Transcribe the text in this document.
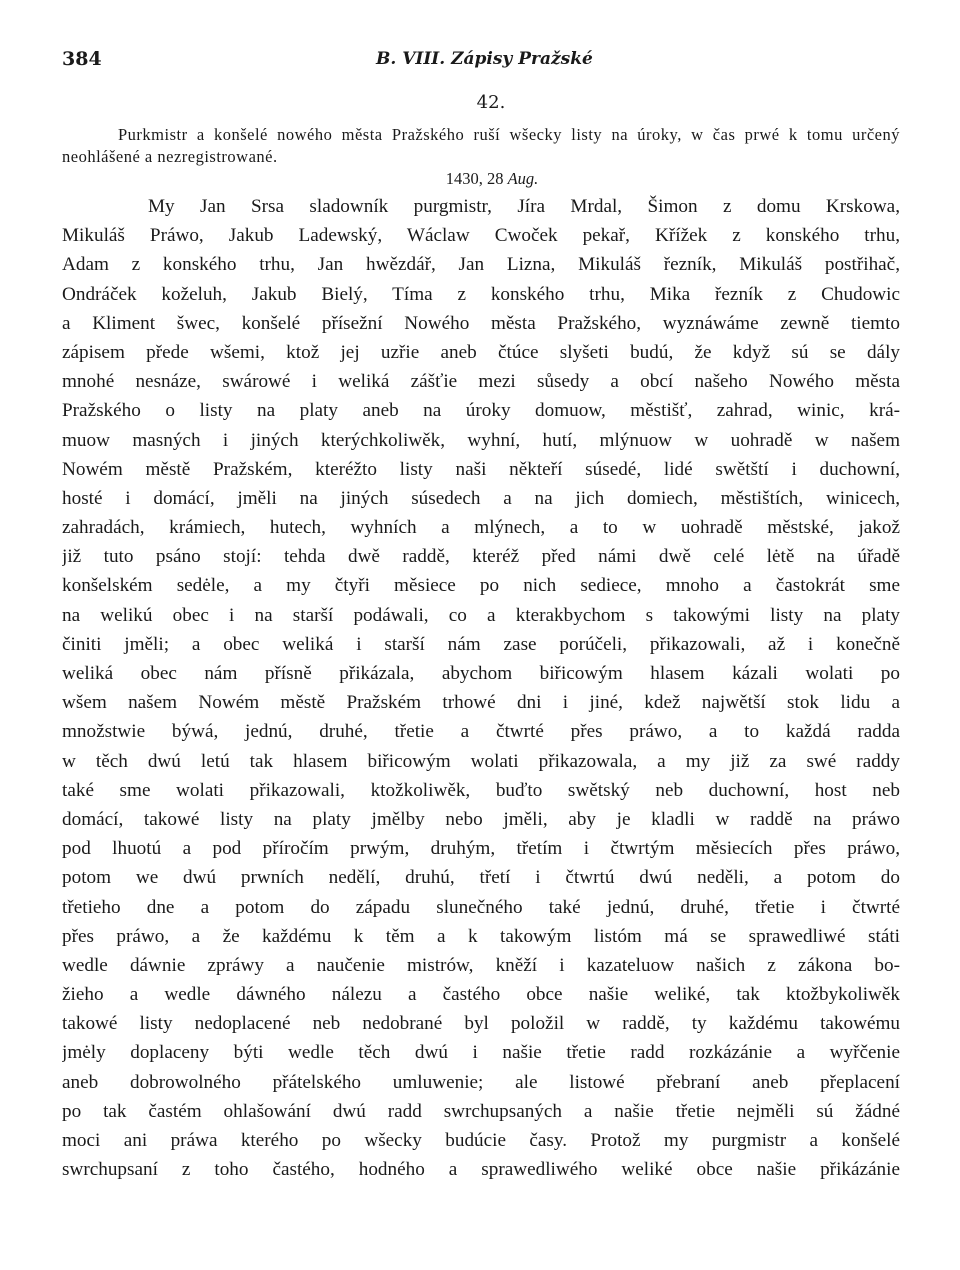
384	B. VIII. Zápisy Pražské
42.
Purkmistr a konšelé nowého města Pražského ruší wšecky listy na úroky, w čas prwé k tomu určený neohlášené a nezregistrowané.
1430, 28 Aug.
My Jan Srsa sladowník purgmistr, Jíra Mrdal, Šimon z domu Krskowa,
Mikuláš Práwo, Jakub Ladewský, Wáclaw Cwoček pekař, Křížek z konského trhu,
Adam z konského trhu, Jan hwězdář, Jan Lizna, Mikuláš řezník, Mikuláš postřihač,
Ondráček koželuh, Jakub Bielý, Tíma z konského trhu, Mika řezník z Chudowic
a Kliment šwec, konšelé přísežní Nowého města Pražského, wyznáwáme zewně tiemto
zápisem přede wšemi, ktož jej uzřie aneb čtúce slyšeti budú, že když sú se dály
mnohé nesnáze, swárowé i weliká zášťie mezi sůsedy a obcí našeho Nowého města
Pražského o listy na platy aneb na úroky domuow, městišť, zahrad, winic, krá-
muow masných i jiných kterýchkoliwěk, wyhní, hutí, mlýnuow w uohradě w našem
Nowém městě Pražském, kteréžto listy naši někteří súsedé, lidé swětští i duchowní,
hosté i domácí, jměli na jiných súsedech a na jich domiech, městištích, winicech,
zahradách, krámiech, hutech, wyhních a mlýnech, a to w uohradě městské, jakož
již tuto psáno stojí: tehda dwě raddě, kteréž před námi dwě celé lėtě na úřadě
konšelském sedėle, a my čtyři měsiece po nich sediece, mnoho a častokrát sme
na welikú obec i na starší podáwali, co a kterakbychom s takowými listy na platy
činiti jměli; a obec weliká i starší nám zase porúčeli, přikazowali, až i konečně
weliká obec nám přísně přikázala, abychom biřicowým hlasem kázali wolati po
wšem našem Nowém městě Pražském trhowé dni i jiné, kdež najwětší stok lidu a
množstwie býwá, jednú, druhé, třetie a čtwrté přes práwo, a to každá radda
w těch dwú letú tak hlasem biřicowým wolati přikazowala, a my již za swé raddy
také sme wolati přikazowali, ktožkoliwěk, buďto swětský neb duchowní, host neb
domácí, takowé listy na platy jmělby nebo jměli, aby je kladli w raddě na práwo
pod lhuotú a pod příročím prwým, druhým, třetím i čtwrtým měsiecích přes práwo,
potom we dwú prwních nedělí, druhú, třetí i čtwrtú dwú neděli, a potom do
třetieho dne a potom do západu slunečného také jednú, druhé, třetie i čtwrté
přes práwo, a že každému k těm a k takowým listóm má se sprawedliwé státi
wedle dáwnie zpráwy a naučenie mistrów, kněží i kazateluow našich z zákona bo-
žieho a wedle dáwného nálezu a častého obce našie weliké, tak ktožbykoliwěk
takowé listy nedoplacené neb nedobrané byl položil w raddě, ty každému takowému
jmėly doplaceny býti wedle těch dwú i našie třetie radd rozkázánie a wyřčenie
aneb dobrowolného přátelského umluwenie; ale listowé přebraní aneb přeplacení
po tak častém ohlašowání dwú radd swrchupsaných a našie třetie nejměli sú žádné
moci ani práwa kterého po wšecky budúcie časy. Protož my purgmistr a konšelé
swrchupsaní z toho častého, hodného a sprawedliwého weliké obce našie přikázánie
